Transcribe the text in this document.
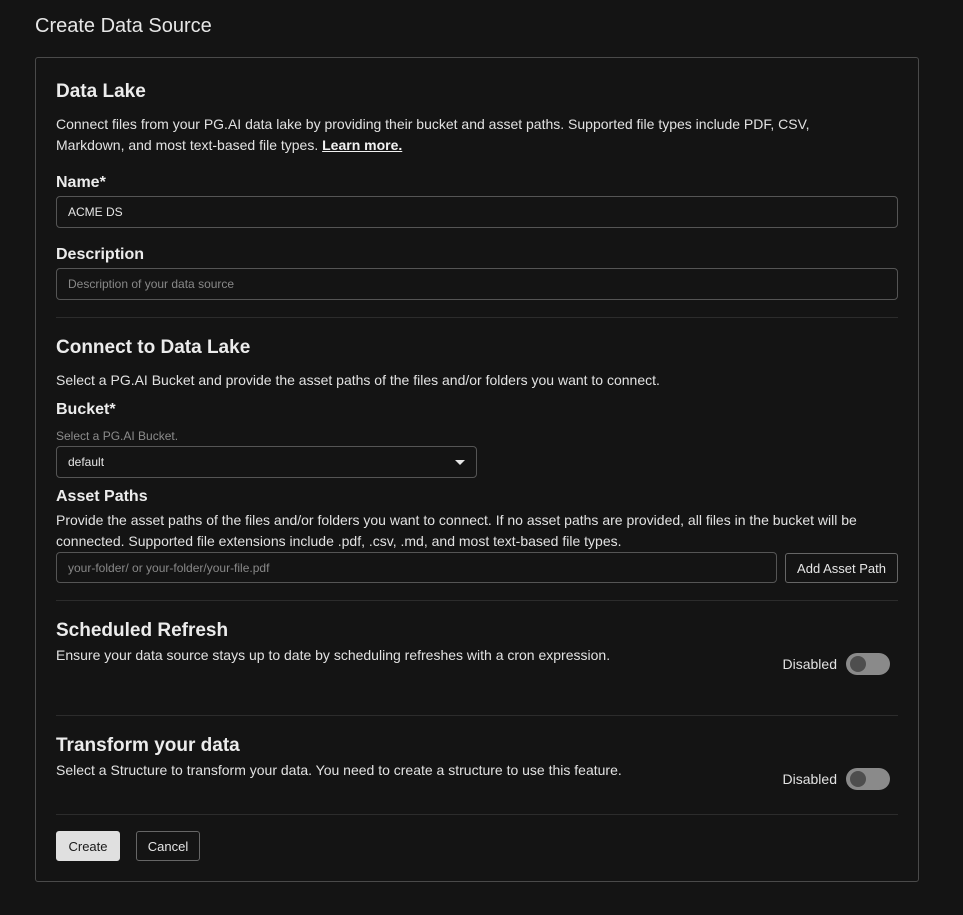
Create Data Source
Data Lake
Connect files from your PG.AI data lake by providing their bucket and asset paths. Supported file types include PDF, CSV, Markdown, and most text-based file types. Learn more.
Name*
ACME DS
Description
Description of your data source
Connect to Data Lake
Select a PG.AI Bucket and provide the asset paths of the files and/or folders you want to connect.
Bucket*
Select a PG.AI Bucket.
default
Asset Paths
Provide the asset paths of the files and/or folders you want to connect. If no asset paths are provided, all files in the bucket will be connected. Supported file extensions include .pdf, .csv, .md, and most text-based file types.
your-folder/ or your-folder/your-file.pdf
Add Asset Path
Scheduled Refresh
Ensure your data source stays up to date by scheduling refreshes with a cron expression.
Disabled
Transform your data
Select a Structure to transform your data. You need to create a structure to use this feature.
Disabled
Create	Cancel
